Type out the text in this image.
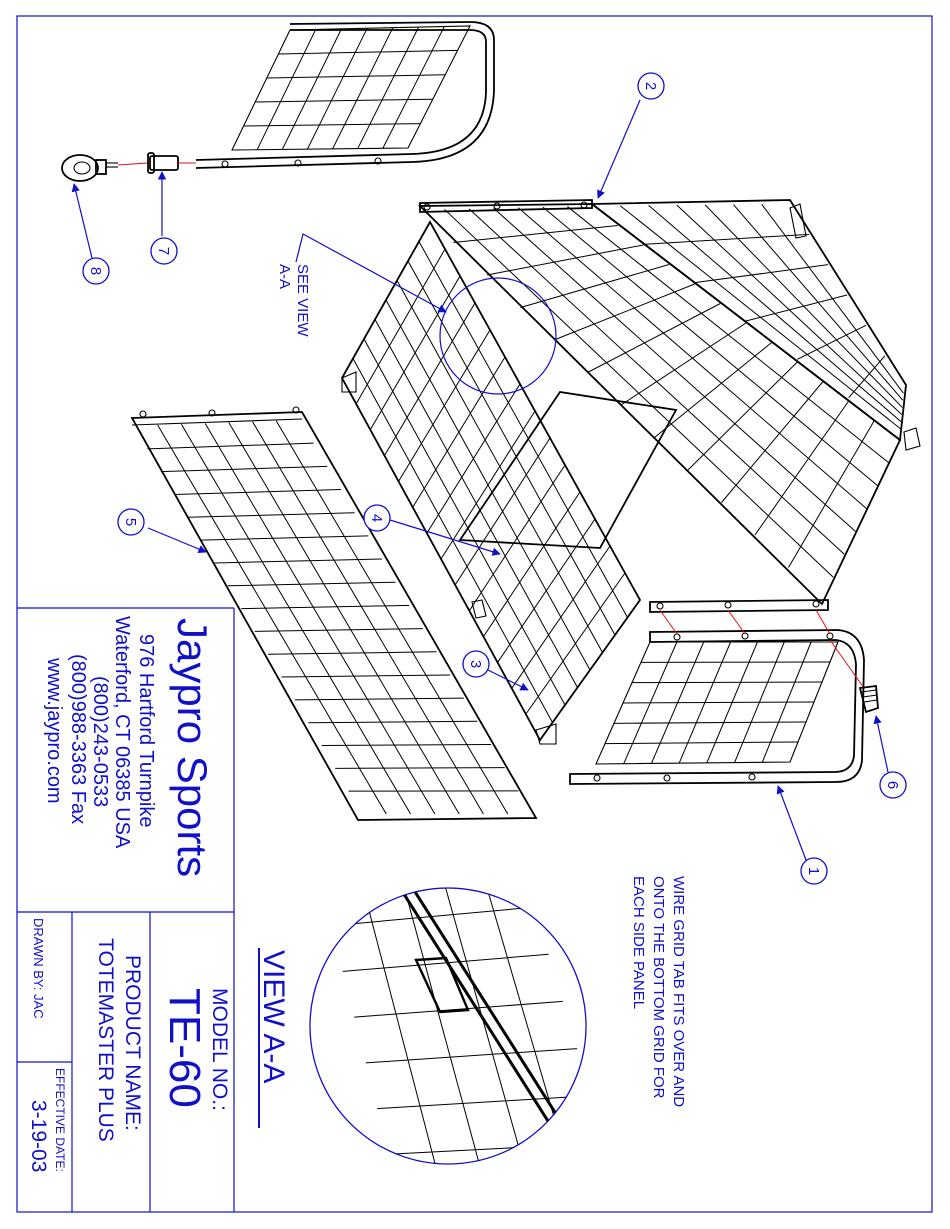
2
1
3
4
5
6
7
8	SEE VIEW
A-A
WIRE GRID TAB FITS OVER AND
ONTO THE BOTTOM GRID FOR
EACH SIDE PANEL
VIEW A-A
Jaypro Sports
976 Hartford Turnpike
Waterford, CT 06385 USA
(800)243-0533
(800)988-3363 Fax
www.jaypro.com
MODEL NO.:
TE-60
PRODUCT NAME:
TOTEMASTER PLUS
DRAWN BY: JAC
EFFECTIVE DATE:
3-19-03
